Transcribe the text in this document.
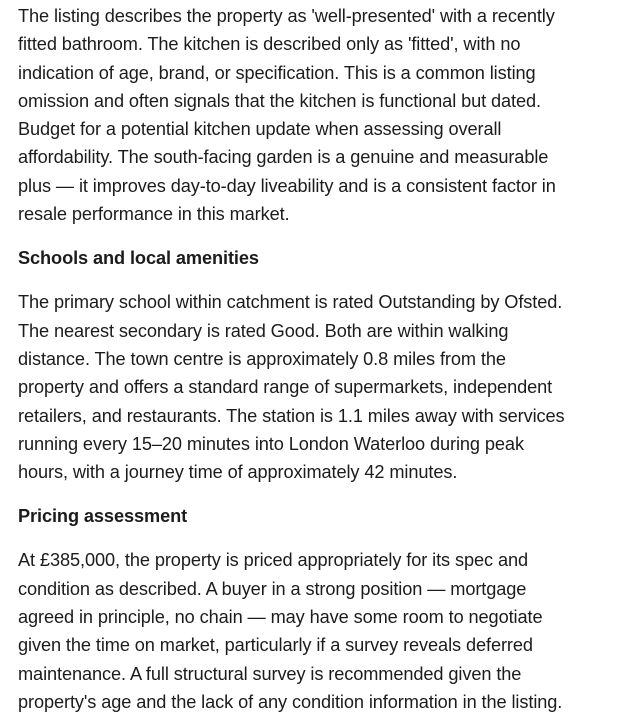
The listing describes the property as 'well-presented' with a recently
fitted bathroom. The kitchen is described only as 'fitted', with no
indication of age, brand, or specification. This is a common listing
omission and often signals that the kitchen is functional but dated.
Budget for a potential kitchen update when assessing overall
affordability. The south-facing garden is a genuine and measurable
plus — it improves day-to-day liveability and is a consistent factor in
resale performance in this market.

Schools and local amenities

The primary school within catchment is rated Outstanding by Ofsted.
The nearest secondary is rated Good. Both are within walking
distance. The town centre is approximately 0.8 miles from the
property and offers a standard range of supermarkets, independent
retailers, and restaurants. The station is 1.1 miles away with services
running every 15–20 minutes into London Waterloo during peak
hours, with a journey time of approximately 42 minutes.

Pricing assessment

At £385,000, the property is priced appropriately for its spec and
condition as described. A buyer in a strong position — mortgage
agreed in principle, no chain — may have some room to negotiate
given the time on market, particularly if a survey reveals deferred
maintenance. A full structural survey is recommended given the
property's age and the lack of any condition information in the listing.
